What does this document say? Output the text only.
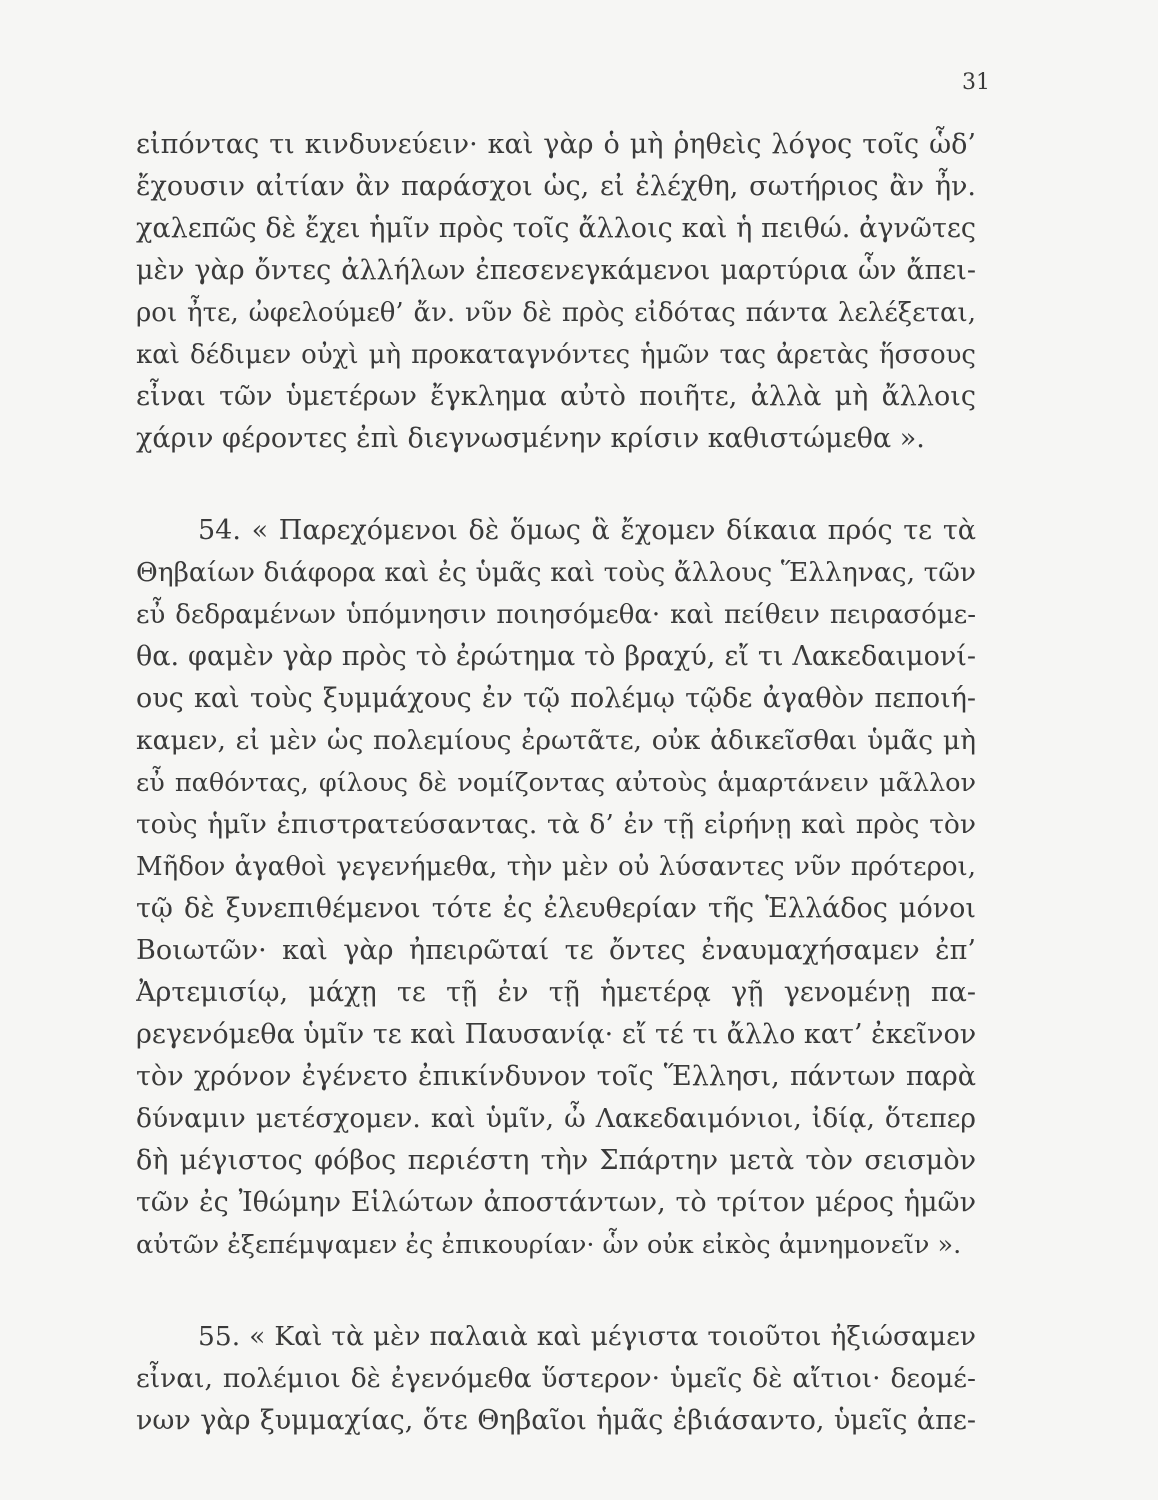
31
εἰπόντας τι κινδυνεύειν· καὶ γὰρ ὁ μὴ ῥηθεὶς λόγος τοῖς ὧδ’
ἔχουσιν αἰτίαν ἂν παράσχοι ὡς, εἰ ἐλέχθη, σωτήριος ἂν ἦν.
χαλεπῶς δὲ ἔχει ἡμῖν πρὸς τοῖς ἄλλοις καὶ ἡ πειθώ. ἀγνῶτες
μὲν γὰρ ὄντες ἀλλήλων ἐπεσενεγκάμενοι μαρτύρια ὧν ἄπει-
ροι ἦτε, ὠφελούμεθ’ ἄν. νῦν δὲ πρὸς εἰδότας πάντα λελέξεται,
καὶ δέδιμεν οὐχὶ μὴ προκαταγνόντες ἡμῶν τας ἀρετὰς ἥσσους
εἶναι τῶν ὑμετέρων ἔγκλημα αὐτὸ ποιῆτε, ἀλλὰ μὴ ἄλλοις
χάριν φέροντες ἐπὶ διεγνωσμένην κρίσιν καθιστώμεθα ».
54. « Παρεχόμενοι δὲ ὅμως ἃ ἔχομεν δίκαια πρός τε τὰ
Θηβαίων διάφορα καὶ ἐς ὑμᾶς καὶ τοὺς ἄλλους Ἕλληνας, τῶν
εὖ δεδραμένων ὑπόμνησιν ποιησόμεθα· καὶ πείθειν πειρασόμε-
θα. φαμὲν γὰρ πρὸς τὸ ἐρώτημα τὸ βραχύ, εἴ τι Λακεδαιμονί-
ους καὶ τοὺς ξυμμάχους ἐν τῷ πολέμῳ τῷδε ἀγαθὸν πεποιή-
καμεν, εἰ μὲν ὡς πολεμίους ἐρωτᾶτε, οὐκ ἀδικεῖσθαι ὑμᾶς μὴ
εὖ παθόντας, φίλους δὲ νομίζοντας αὐτοὺς ἁμαρτάνειν μᾶλλον
τοὺς ἡμῖν ἐπιστρατεύσαντας. τὰ δ’ ἐν τῇ εἰρήνῃ καὶ πρὸς τὸν
Μῆδον ἀγαθοὶ γεγενήμεθα, τὴν μὲν οὐ λύσαντες νῦν πρότεροι,
τῷ δὲ ξυνεπιθέμενοι τότε ἐς ἐλευθερίαν τῆς Ἑλλάδος μόνοι
Βοιωτῶν· καὶ γὰρ ἠπειρῶταί τε ὄντες ἐναυμαχήσαμεν ἐπ’
Ἀρτεμισίῳ, μάχῃ τε τῇ ἐν τῇ ἡμετέρᾳ γῇ γενομένῃ πα-
ρεγενόμεθα ὑμῖν τε καὶ Παυσανίᾳ· εἴ τέ τι ἄλλο κατ’ ἐκεῖνον
τὸν χρόνον ἐγένετο ἐπικίνδυνον τοῖς Ἕλλησι, πάντων παρὰ
δύναμιν μετέσχομεν. καὶ ὑμῖν, ὦ Λακεδαιμόνιοι, ἰδίᾳ, ὅτεπερ
δὴ μέγιστος φόβος περιέστη τὴν Σπάρτην μετὰ τὸν σεισμὸν
τῶν ἐς Ἰθώμην Εἱλώτων ἀποστάντων, τὸ τρίτον μέρος ἡμῶν
αὐτῶν ἐξεπέμψαμεν ἐς ἐπικουρίαν· ὧν οὐκ εἰκὸς ἀμνημονεῖν ».
55. « Καὶ τὰ μὲν παλαιὰ καὶ μέγιστα τοιοῦτοι ἠξιώσαμεν
εἶναι, πολέμιοι δὲ ἐγενόμεθα ὕστερον· ὑμεῖς δὲ αἴτιοι· δεομέ-
νων γὰρ ξυμμαχίας, ὅτε Θηβαῖοι ἡμᾶς ἐβιάσαντο, ὑμεῖς ἀπε-
